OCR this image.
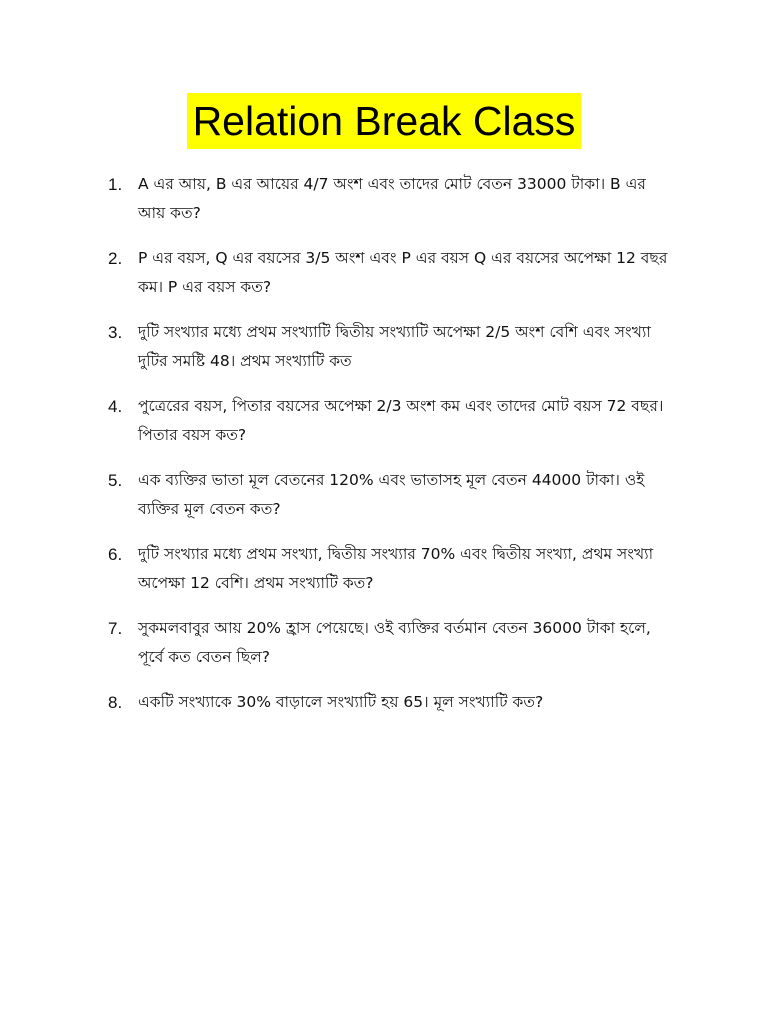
Relation Break Class
1.	A এর আয়, B এর আয়ের 4/7 অংশ এবং তাদের মোট বেতন 33000 টাকা। B এর আয় কত?
2.	P এর বয়স, Q এর বয়সের 3/5 অংশ এবং P এর বয়স Q এর বয়সের অপেক্ষা 12 বছর কম। P এর বয়স কত?
3.	দুটি সংখ্যার মধ্যে প্রথম সংখ্যাটি দ্বিতীয় সংখ্যাটি অপেক্ষা 2/5 অংশ বেশি এবং সংখ্যা দুটির সমষ্টি 48। প্রথম সংখ্যাটি কত
4.	পুত্রেরের বয়স, পিতার বয়সের অপেক্ষা 2/3 অংশ কম এবং তাদের মোট বয়স 72 বছর। পিতার বয়স কত?
5.	এক ব্যক্তির ভাতা মূল বেতনের 120% এবং ভাতাসহ মূল বেতন 44000 টাকা। ওই ব্যক্তির মূল বেতন কত?
6.	দুটি সংখ্যার মধ্যে প্রথম সংখ্যা, দ্বিতীয় সংখ্যার 70% এবং দ্বিতীয় সংখ্যা, প্রথম সংখ্যা অপেক্ষা 12 বেশি। প্রথম সংখ্যাটি কত?
7.	সুকমলবাবুর আয় 20% হ্রাস পেয়েছে। ওই ব্যক্তির বর্তমান বেতন 36000 টাকা হলে, পূর্বে কত বেতন ছিল?
8.	একটি সংখ্যাকে 30% বাড়ালে সংখ্যাটি হয় 65। মূল সংখ্যাটি কত?
